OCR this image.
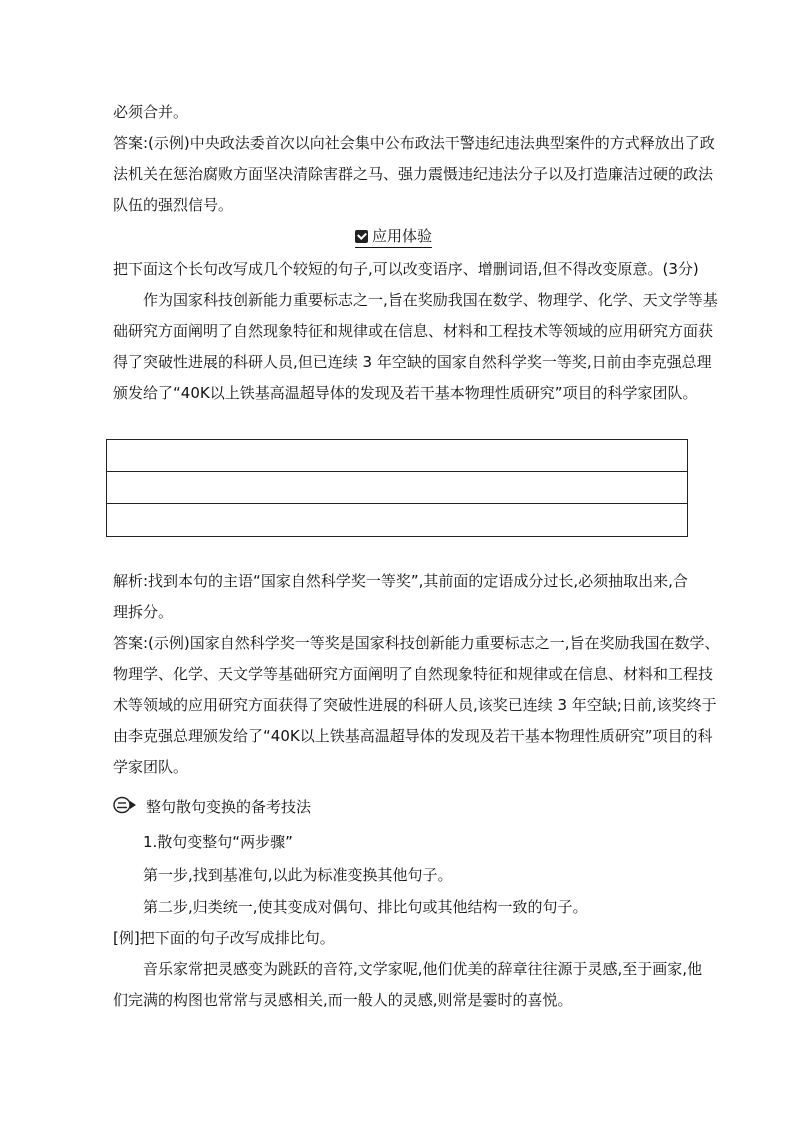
必须合并。
答案:(示例)中央政法委首次以向社会集中公布政法干警违纪违法典型案件的方式释放出了政
法机关在惩治腐败方面坚决清除害群之马、强力震慑违纪违法分子以及打造廉洁过硬的政法
队伍的强烈信号。
应用体验
把下面这个长句改写成几个较短的句子,可以改变语序、增删词语,但不得改变原意。(3分)
作为国家科技创新能力重要标志之一,旨在奖励我国在数学、物理学、化学、天文学等基
础研究方面阐明了自然现象特征和规律或在信息、材料和工程技术等领域的应用研究方面获
得了突破性进展的科研人员,但已连续 3 年空缺的国家自然科学奖一等奖,日前由李克强总理
颁发给了“40K以上铁基高温超导体的发现及若干基本物理性质研究”项目的科学家团队。
解析:找到本句的主语“国家自然科学奖一等奖”,其前面的定语成分过长,必须抽取出来,合
理拆分。
答案:(示例)国家自然科学奖一等奖是国家科技创新能力重要标志之一,旨在奖励我国在数学、
物理学、化学、天文学等基础研究方面阐明了自然现象特征和规律或在信息、材料和工程技
术等领域的应用研究方面获得了突破性进展的科研人员,该奖已连续 3 年空缺;日前,该奖终于
由李克强总理颁发给了“40K以上铁基高温超导体的发现及若干基本物理性质研究”项目的科
学家团队。
整句散句变换的备考技法
1.散句变整句“两步骤”
第一步,找到基准句,以此为标准变换其他句子。
第二步,归类统一,使其变成对偶句、排比句或其他结构一致的句子。
[例]把下面的句子改写成排比句。
音乐家常把灵感变为跳跃的音符,文学家呢,他们优美的辞章往往源于灵感,至于画家,他
们完满的构图也常常与灵感相关,而一般人的灵感,则常是霎时的喜悦。
